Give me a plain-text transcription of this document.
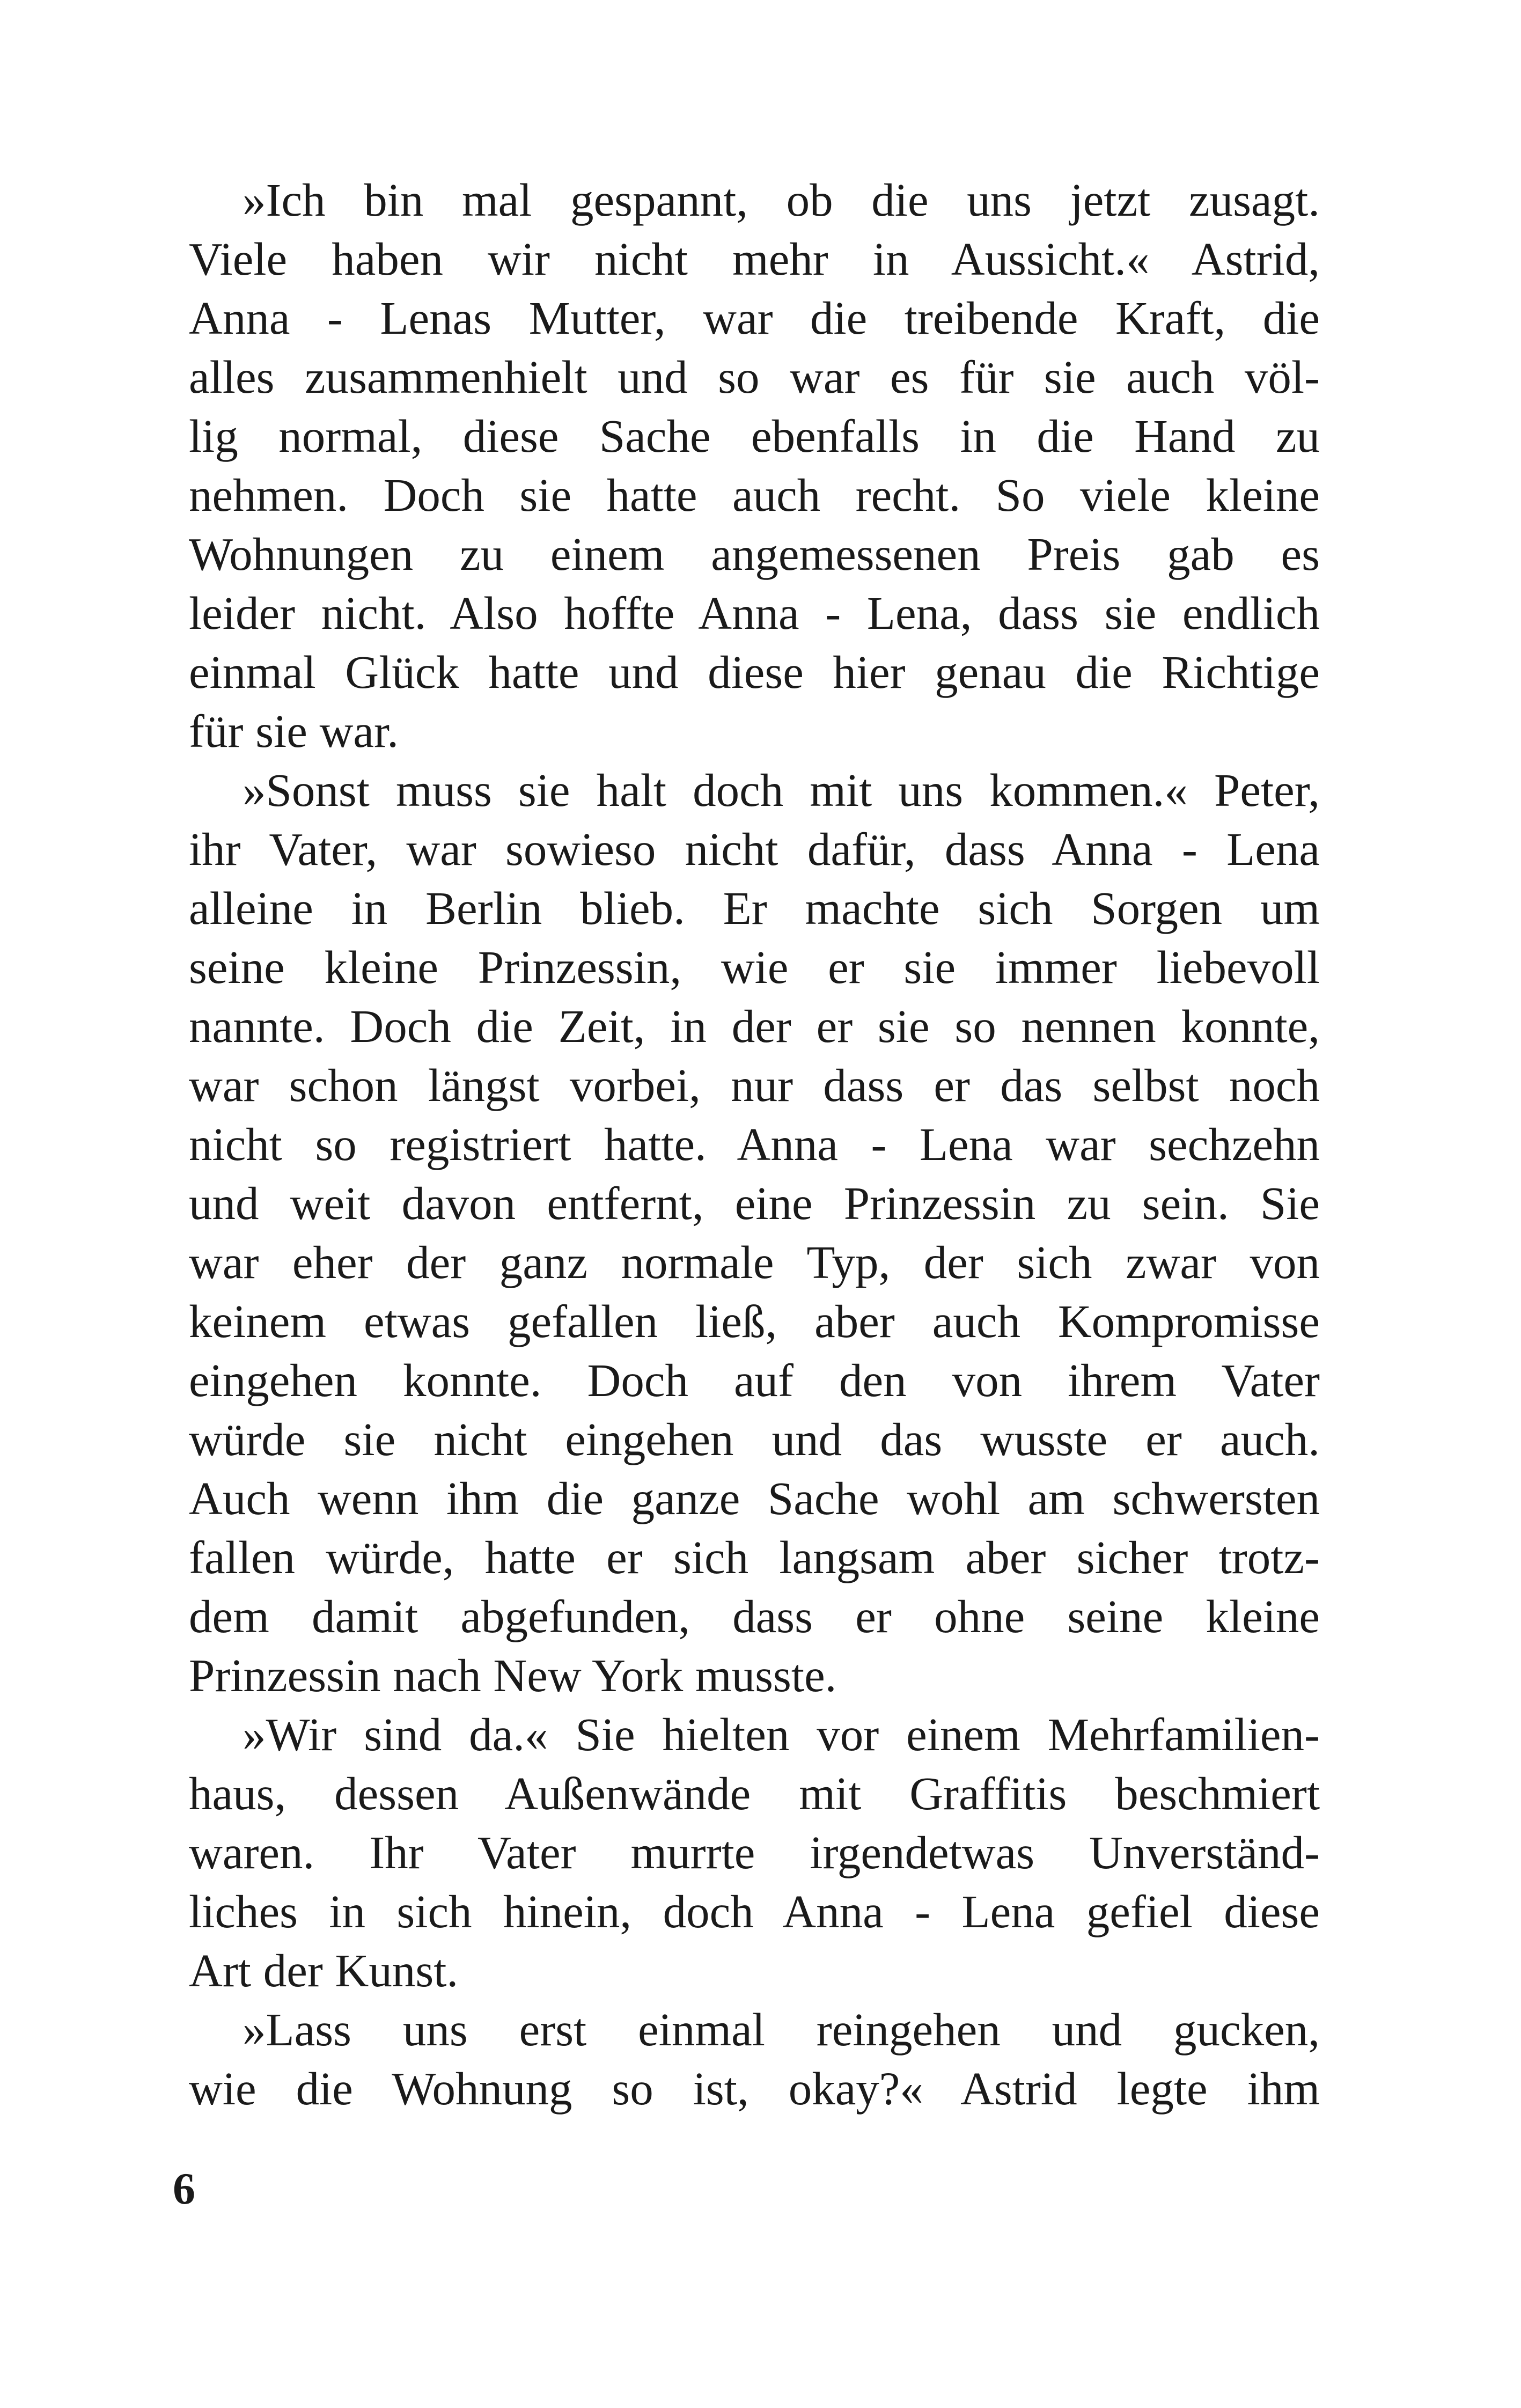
»Ich bin mal gespannt, ob die uns jetzt zusagt.
Viele haben wir nicht mehr in Aussicht.« Astrid,
Anna - Lenas Mutter, war die treibende Kraft, die
alles zusammenhielt und so war es für sie auch völ-
lig normal, diese Sache ebenfalls in die Hand zu
nehmen. Doch sie hatte auch recht. So viele kleine
Wohnungen zu einem angemessenen Preis gab es
leider nicht. Also hoffte Anna - Lena, dass sie endlich
einmal Glück hatte und diese hier genau die Richtige
für sie war.
»Sonst muss sie halt doch mit uns kommen.« Peter,
ihr Vater, war sowieso nicht dafür, dass Anna - Lena
alleine in Berlin blieb. Er machte sich Sorgen um
seine kleine Prinzessin, wie er sie immer liebevoll
nannte. Doch die Zeit, in der er sie so nennen konnte,
war schon längst vorbei, nur dass er das selbst noch
nicht so registriert hatte. Anna - Lena war sechzehn
und weit davon entfernt, eine Prinzessin zu sein. Sie
war eher der ganz normale Typ, der sich zwar von
keinem etwas gefallen ließ, aber auch Kompromisse
eingehen konnte. Doch auf den von ihrem Vater
würde sie nicht eingehen und das wusste er auch.
Auch wenn ihm die ganze Sache wohl am schwersten
fallen würde, hatte er sich langsam aber sicher trotz-
dem damit abgefunden, dass er ohne seine kleine
Prinzessin nach New York musste.
»Wir sind da.« Sie hielten vor einem Mehrfamilien-
haus, dessen Außenwände mit Graffitis beschmiert
waren. Ihr Vater murrte irgendetwas Unverständ-
liches in sich hinein, doch Anna - Lena gefiel diese
Art der Kunst.
»Lass uns erst einmal reingehen und gucken,
wie die Wohnung so ist, okay?« Astrid legte ihm
6
